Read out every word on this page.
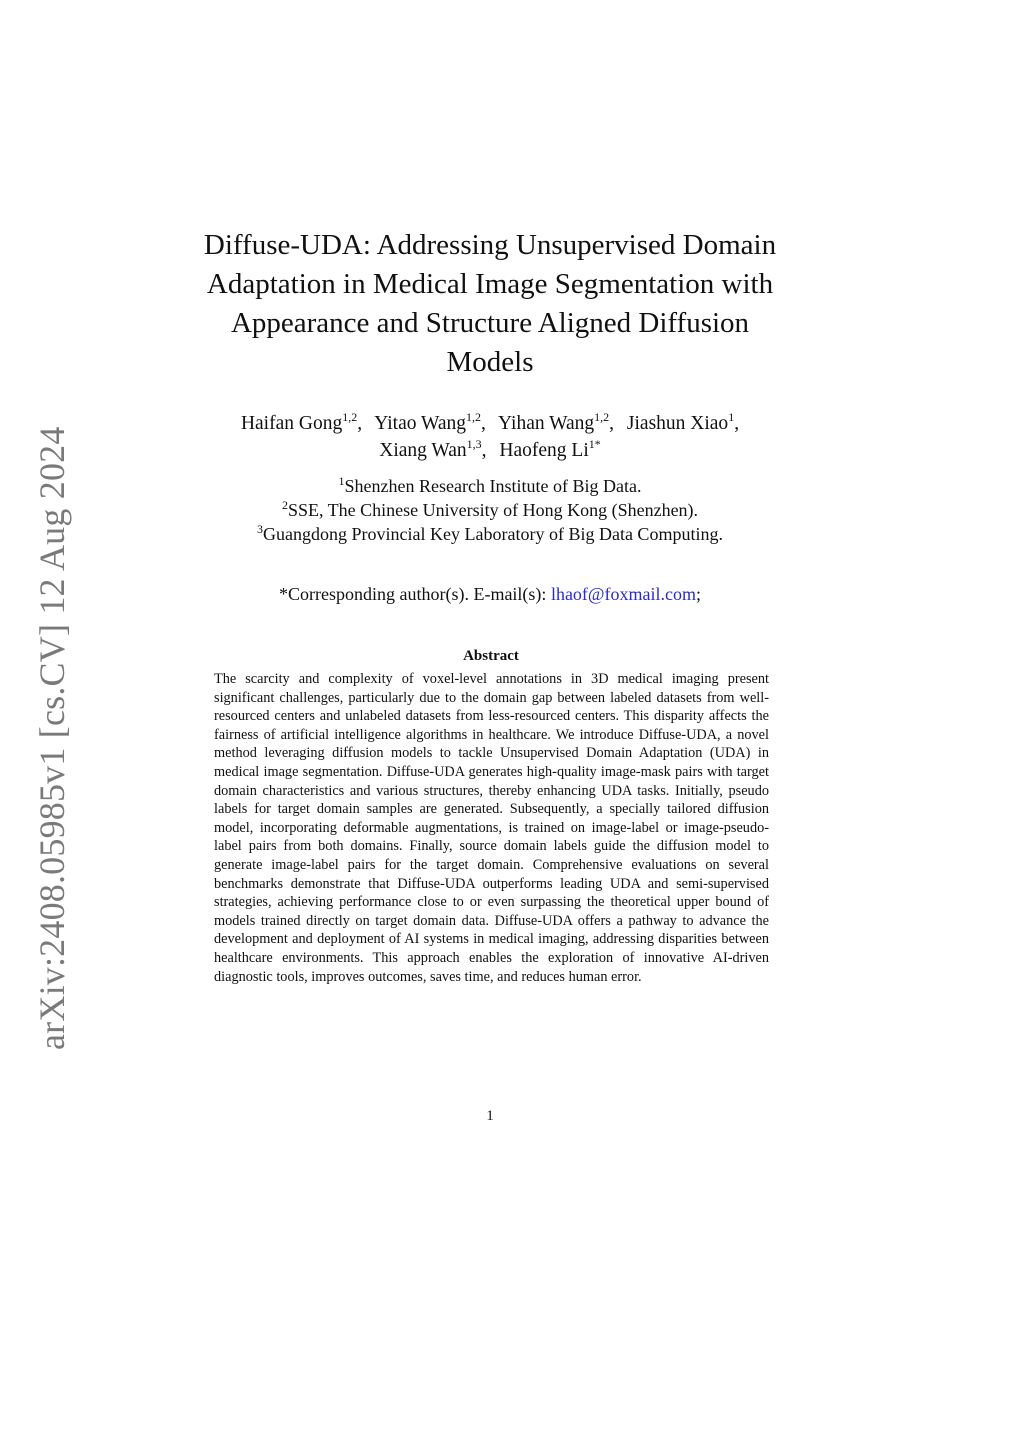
arXiv:2408.05985v1 [cs.CV] 12 Aug 2024
Diffuse-UDA: Addressing Unsupervised Domain
Adaptation in Medical Image Segmentation with
Appearance and Structure Aligned Diffusion
Models
Haifan Gong$^{1,2}$, Yitao Wang$^{1,2}$, Yihan Wang$^{1,2}$, Jiashun Xiao$^1$,
Xiang Wan$^{1,3}$, Haofeng $Li^{1*}$
$^1$Shenzhen Research Institute of Big Data.
$^2$SSE, The Chinese University of Hong Kong (Shenzhen).
$^3$Guangdong Provincial Key Laboratory of Big Data Computing.
*Corresponding author(s). E-mail(s): lhaof@foxmail.com;
Abstract

The scarcity and complexity of voxel-level annotations in 3D medical imaging present significant challenges, particularly due to the domain gap between labeled datasets from well-resourced centers and unlabeled datasets from less-resourced centers. This disparity affects the fairness of artificial intelligence algorithms in healthcare. We introduce Diffuse-UDA, a novel method leveraging diffusion models to tackle Unsupervised Domain Adaptation (UDA) in medical image segmentation. Diffuse-UDA generates high-quality image-mask pairs with target domain characteristics and various structures, thereby enhancing UDA tasks. Initially, pseudo labels for target domain samples are generated. Subsequently, a specially tailored diffusion model, incorporating deformable augmentations, is trained on image-label or image-pseudo-label pairs from both domains. Finally, source domain labels guide the diffusion model to generate image-label pairs for the target domain. Comprehensive evaluations on several benchmarks demonstrate that Diffuse-UDA outperforms leading UDA and semi-supervised strategies, achieving performance close to or even surpassing the theoretical upper bound of models trained directly on target domain data. Diffuse-UDA offers a pathway to advance the development and deployment of AI systems in medical imaging, addressing disparities between healthcare environments. This approach enables the exploration of innovative AI-driven diagnostic tools, improves outcomes, saves time, and reduces human error.

1
